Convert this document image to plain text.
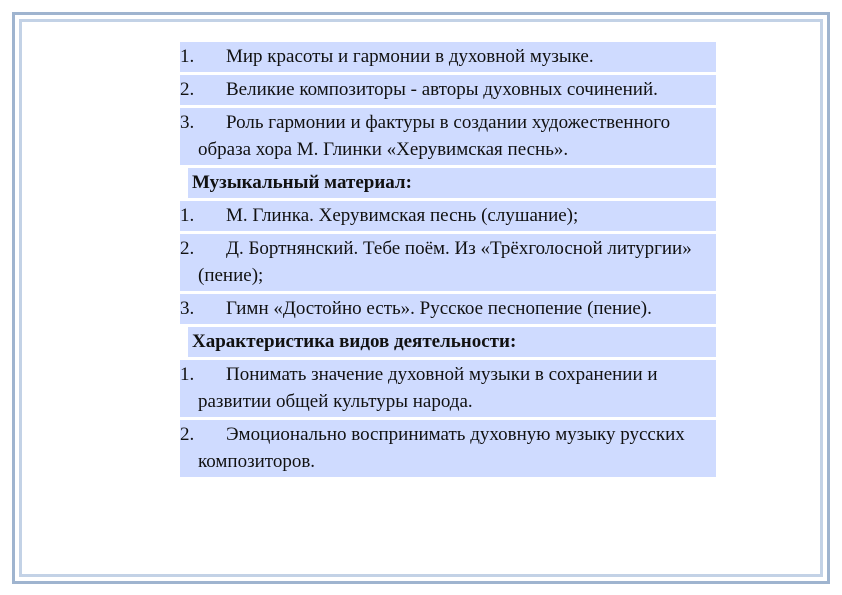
1. Мир красоты и гармонии в духовной музыке.
2. Великие композиторы - авторы духовных сочинений.
3. Роль гармонии и фактуры в создании художественного образа хора М. Глинки «Херувимская песнь».
Музыкальный материал:
1. М. Глинка. Херувимская песнь (слушание);
2. Д. Бортнянский. Тебе поём. Из «Трёхголосной литургии» (пение);
3. Гимн «Достойно есть». Русское песнопение (пение).
Характеристика видов деятельности:
1. Понимать значение духовной музыки в сохранении и развитии общей культуры народа.
2. Эмоционально воспринимать духовную музыку русских композиторов.
